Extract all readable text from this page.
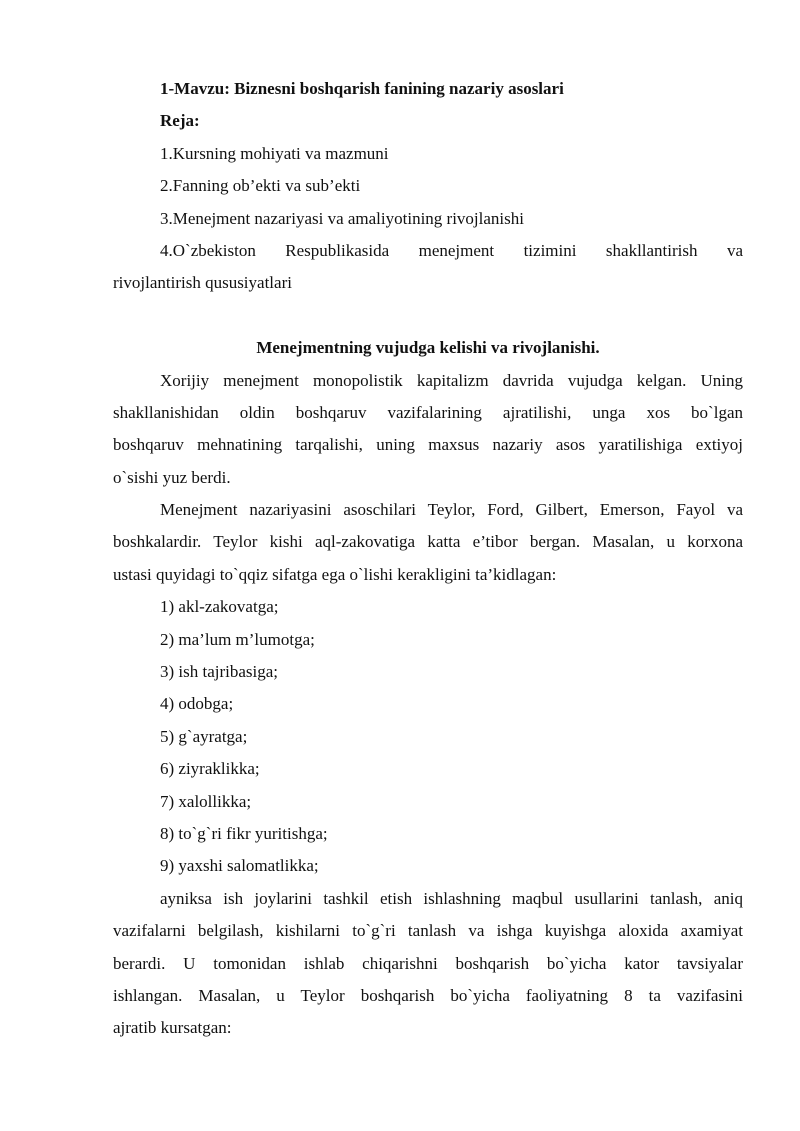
1-Mavzu: Biznesni boshqarish fanining nazariy asoslari
Reja:
1.Kursning mohiyati va mazmuni
2.Fanning ob’ekti va sub’ekti
3.Menejment nazariyasi va amaliyotining rivojlanishi
4.O`zbekiston Respublikasida menejment tizimini shakllantirish va
rivojlantirish qususiyatlari
Menejmentning vujudga kelishi va rivojlanishi.
Xorijiy menejment monopolistik kapitalizm davrida vujudga kelgan. Uning
shakllanishidan oldin boshqaruv vazifalarining ajratilishi, unga xos bo`lgan
boshqaruv mehnatining tarqalishi, uning maxsus nazariy asos yaratilishiga extiyoj
o`sishi yuz berdi.
Menejment nazariyasini asoschilari Teylor, Ford, Gilbert, Emerson, Fayol va
boshkalardir. Teylor kishi aql-zakovatiga katta e’tibor bergan. Masalan, u korxona
ustasi quyidagi to`qqiz sifatga ega o`lishi kerakligini ta’kidlagan:
1) akl-zakovatga;
2) ma’lum m’lumotga;
3) ish tajribasiga;
4) odobga;
5) g`ayratga;
6) ziyraklikka;
7) xalollikka;
8) to`g`ri fikr yuritishga;
9) yaxshi salomatlikka;
ayniksa ish joylarini tashkil etish ishlashning maqbul usullarini tanlash, aniq
vazifalarni belgilash, kishilarni to`g`ri tanlash va ishga kuyishga aloxida axamiyat
berardi. U tomonidan ishlab chiqarishni boshqarish bo`yicha kator tavsiyalar
ishlangan. Masalan, u Teylor boshqarish bo`yicha faoliyatning 8 ta vazifasini
ajratib kursatgan:
